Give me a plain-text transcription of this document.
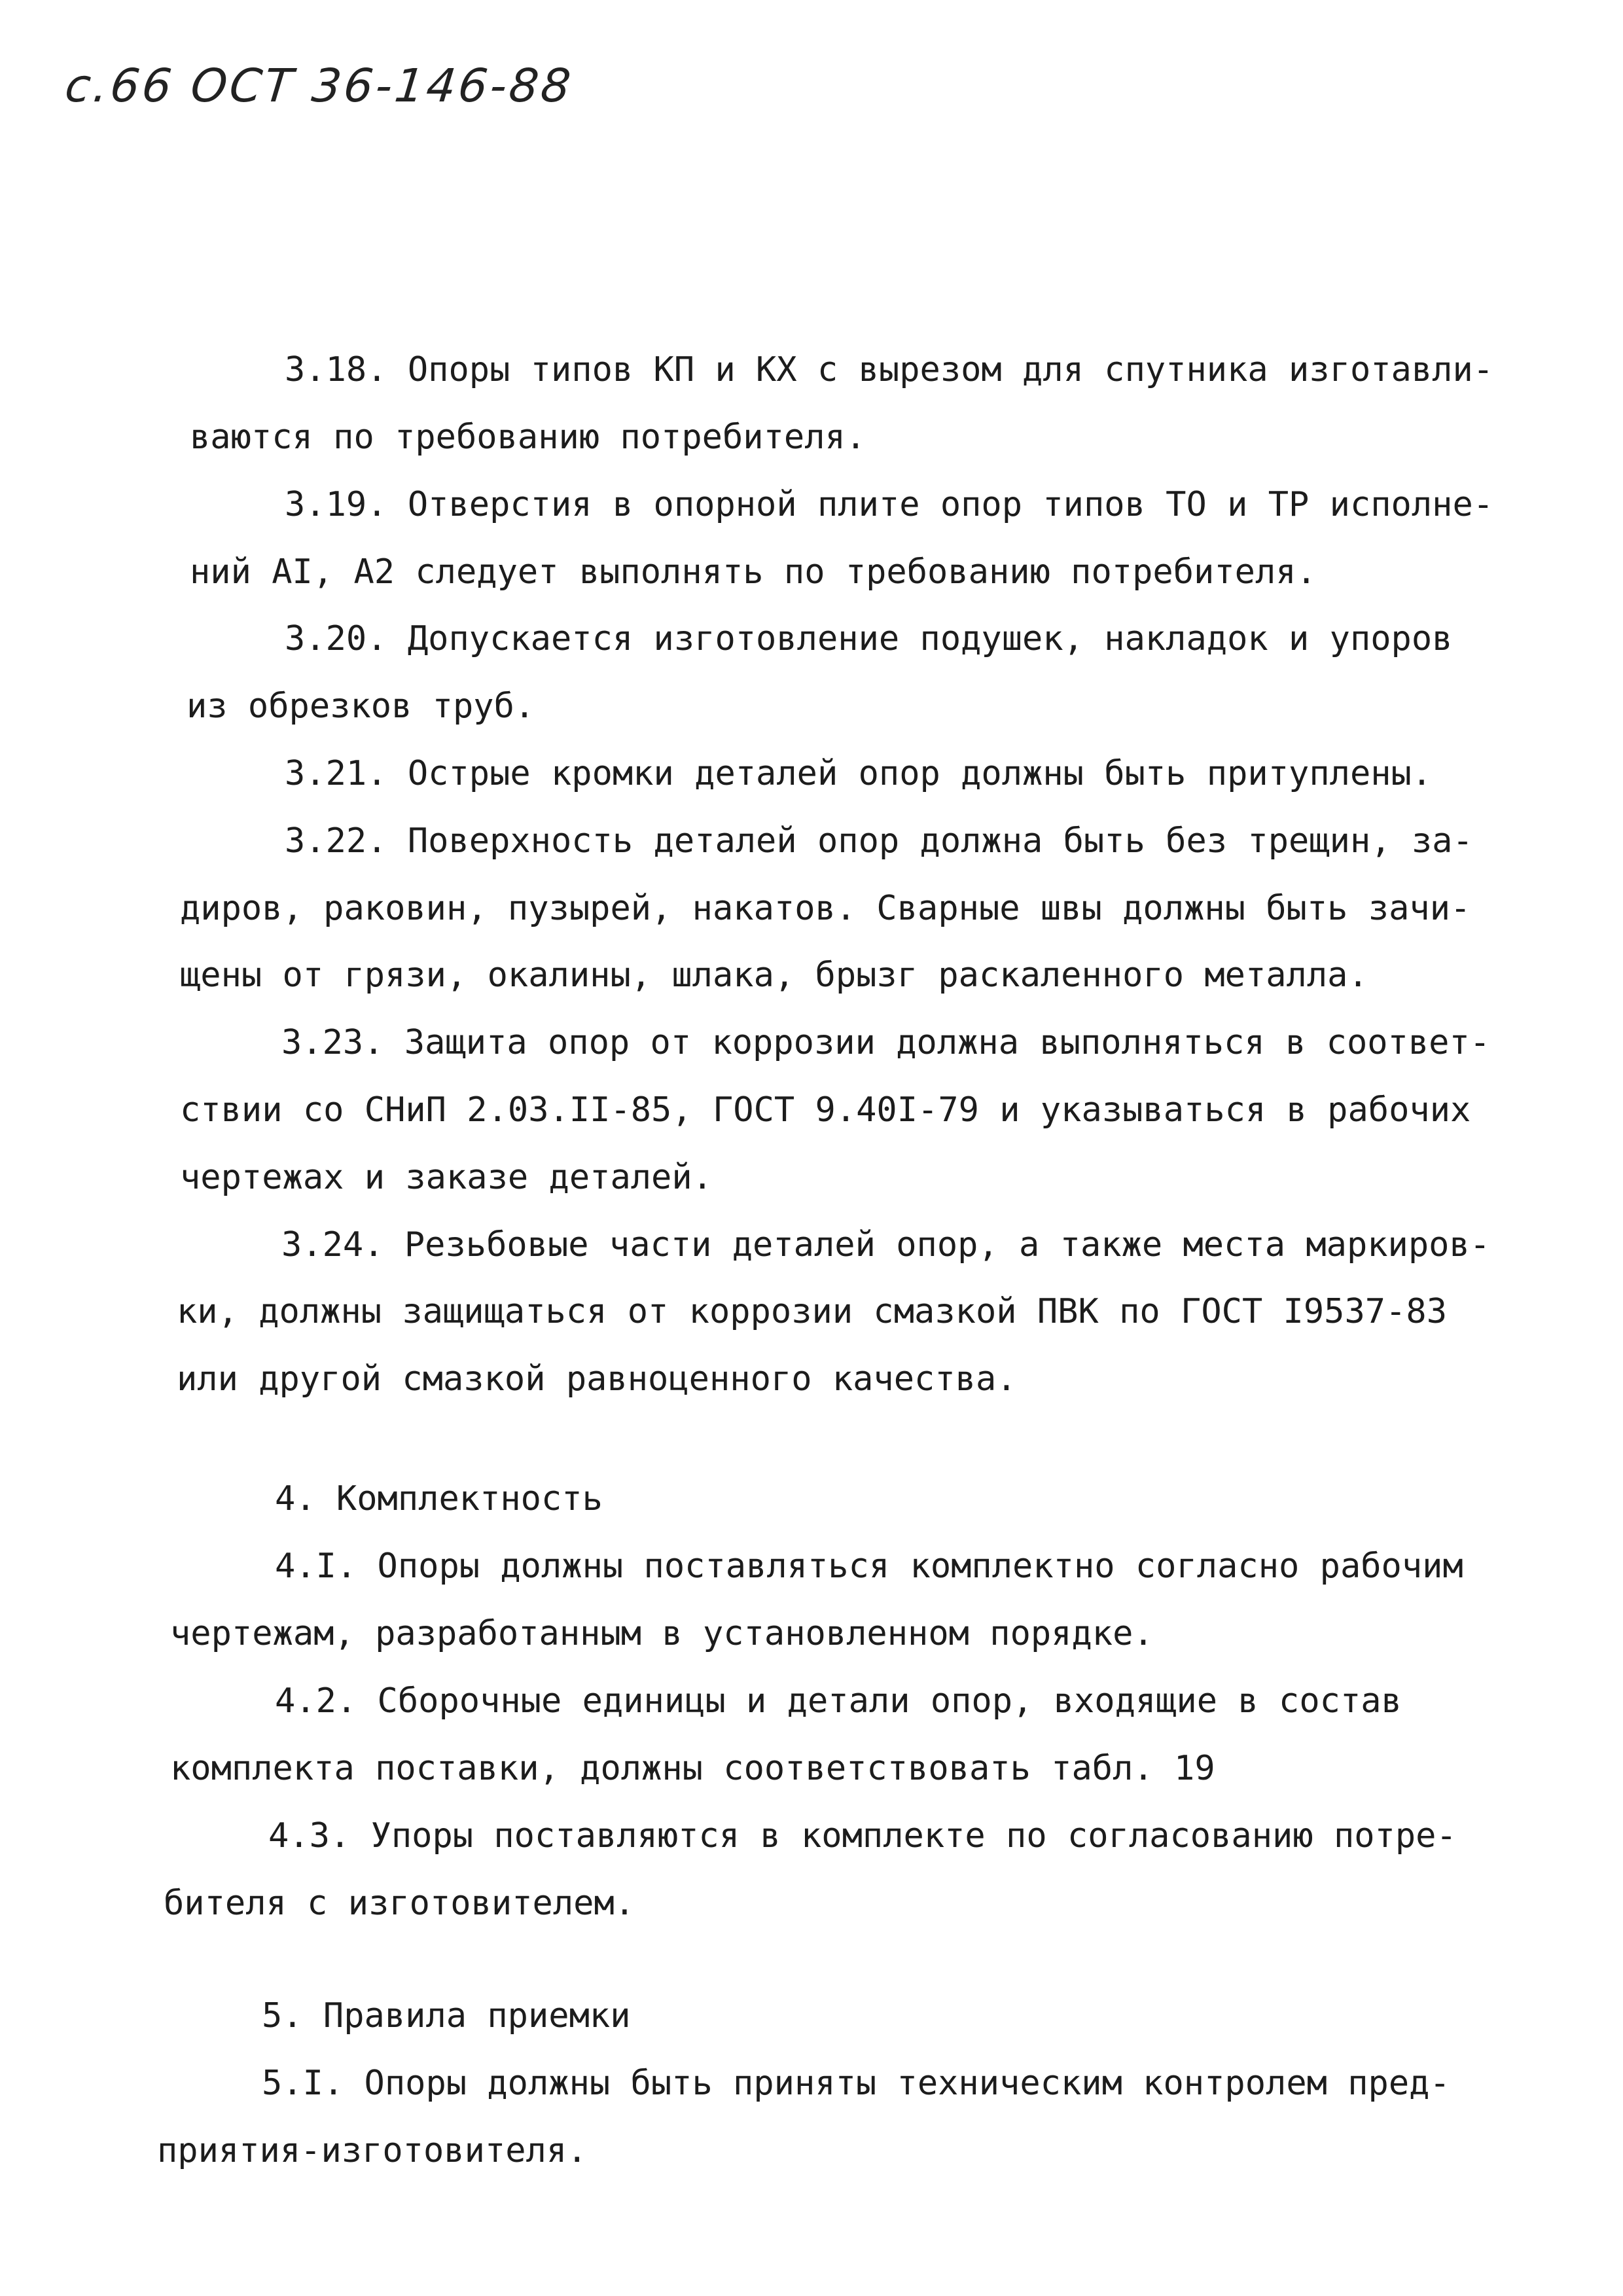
с.66 ОСТ 36-146-88
3.18. Опоры типов КП и КХ с вырезом для спутника изготавли-
ваются по требованию потребителя.
3.19. Отверстия в опорной плите опор типов ТО и ТР исполне-
ний АI, А2 следует выполнять по требованию потребителя.
3.20. Допускается изготовление подушек, накладок и упоров
из обрезков труб.
3.21. Острые кромки деталей опор должны быть притуплены.
3.22. Поверхность деталей опор должна быть без трещин, за-
диров, раковин, пузырей, накатов. Сварные швы должны быть зачи-
щены от грязи, окалины, шлака, брызг раскаленного металла.
3.23. Защита опор от коррозии должна выполняться в соответ-
ствии со СНиП 2.03.II-85, ГОСТ 9.40I-79 и указываться в рабочих
чертежах и заказе деталей.
3.24. Резьбовые части деталей опор, а также места маркиров-
ки, должны защищаться от коррозии смазкой ПВК по ГОСТ I9537-83
или другой смазкой равноценного качества.
4. Комплектность
4.I. Опоры должны поставляться комплектно согласно рабочим
чертежам, разработанным в установленном порядке.
4.2. Сборочные единицы и детали опор, входящие в состав
комплекта поставки, должны соответствовать табл. 19
4.3. Упоры поставляются в комплекте по согласованию потре-
бителя с изготовителем.
5. Правила приемки
5.I. Опоры должны быть приняты техническим контролем пред-
приятия-изготовителя.
